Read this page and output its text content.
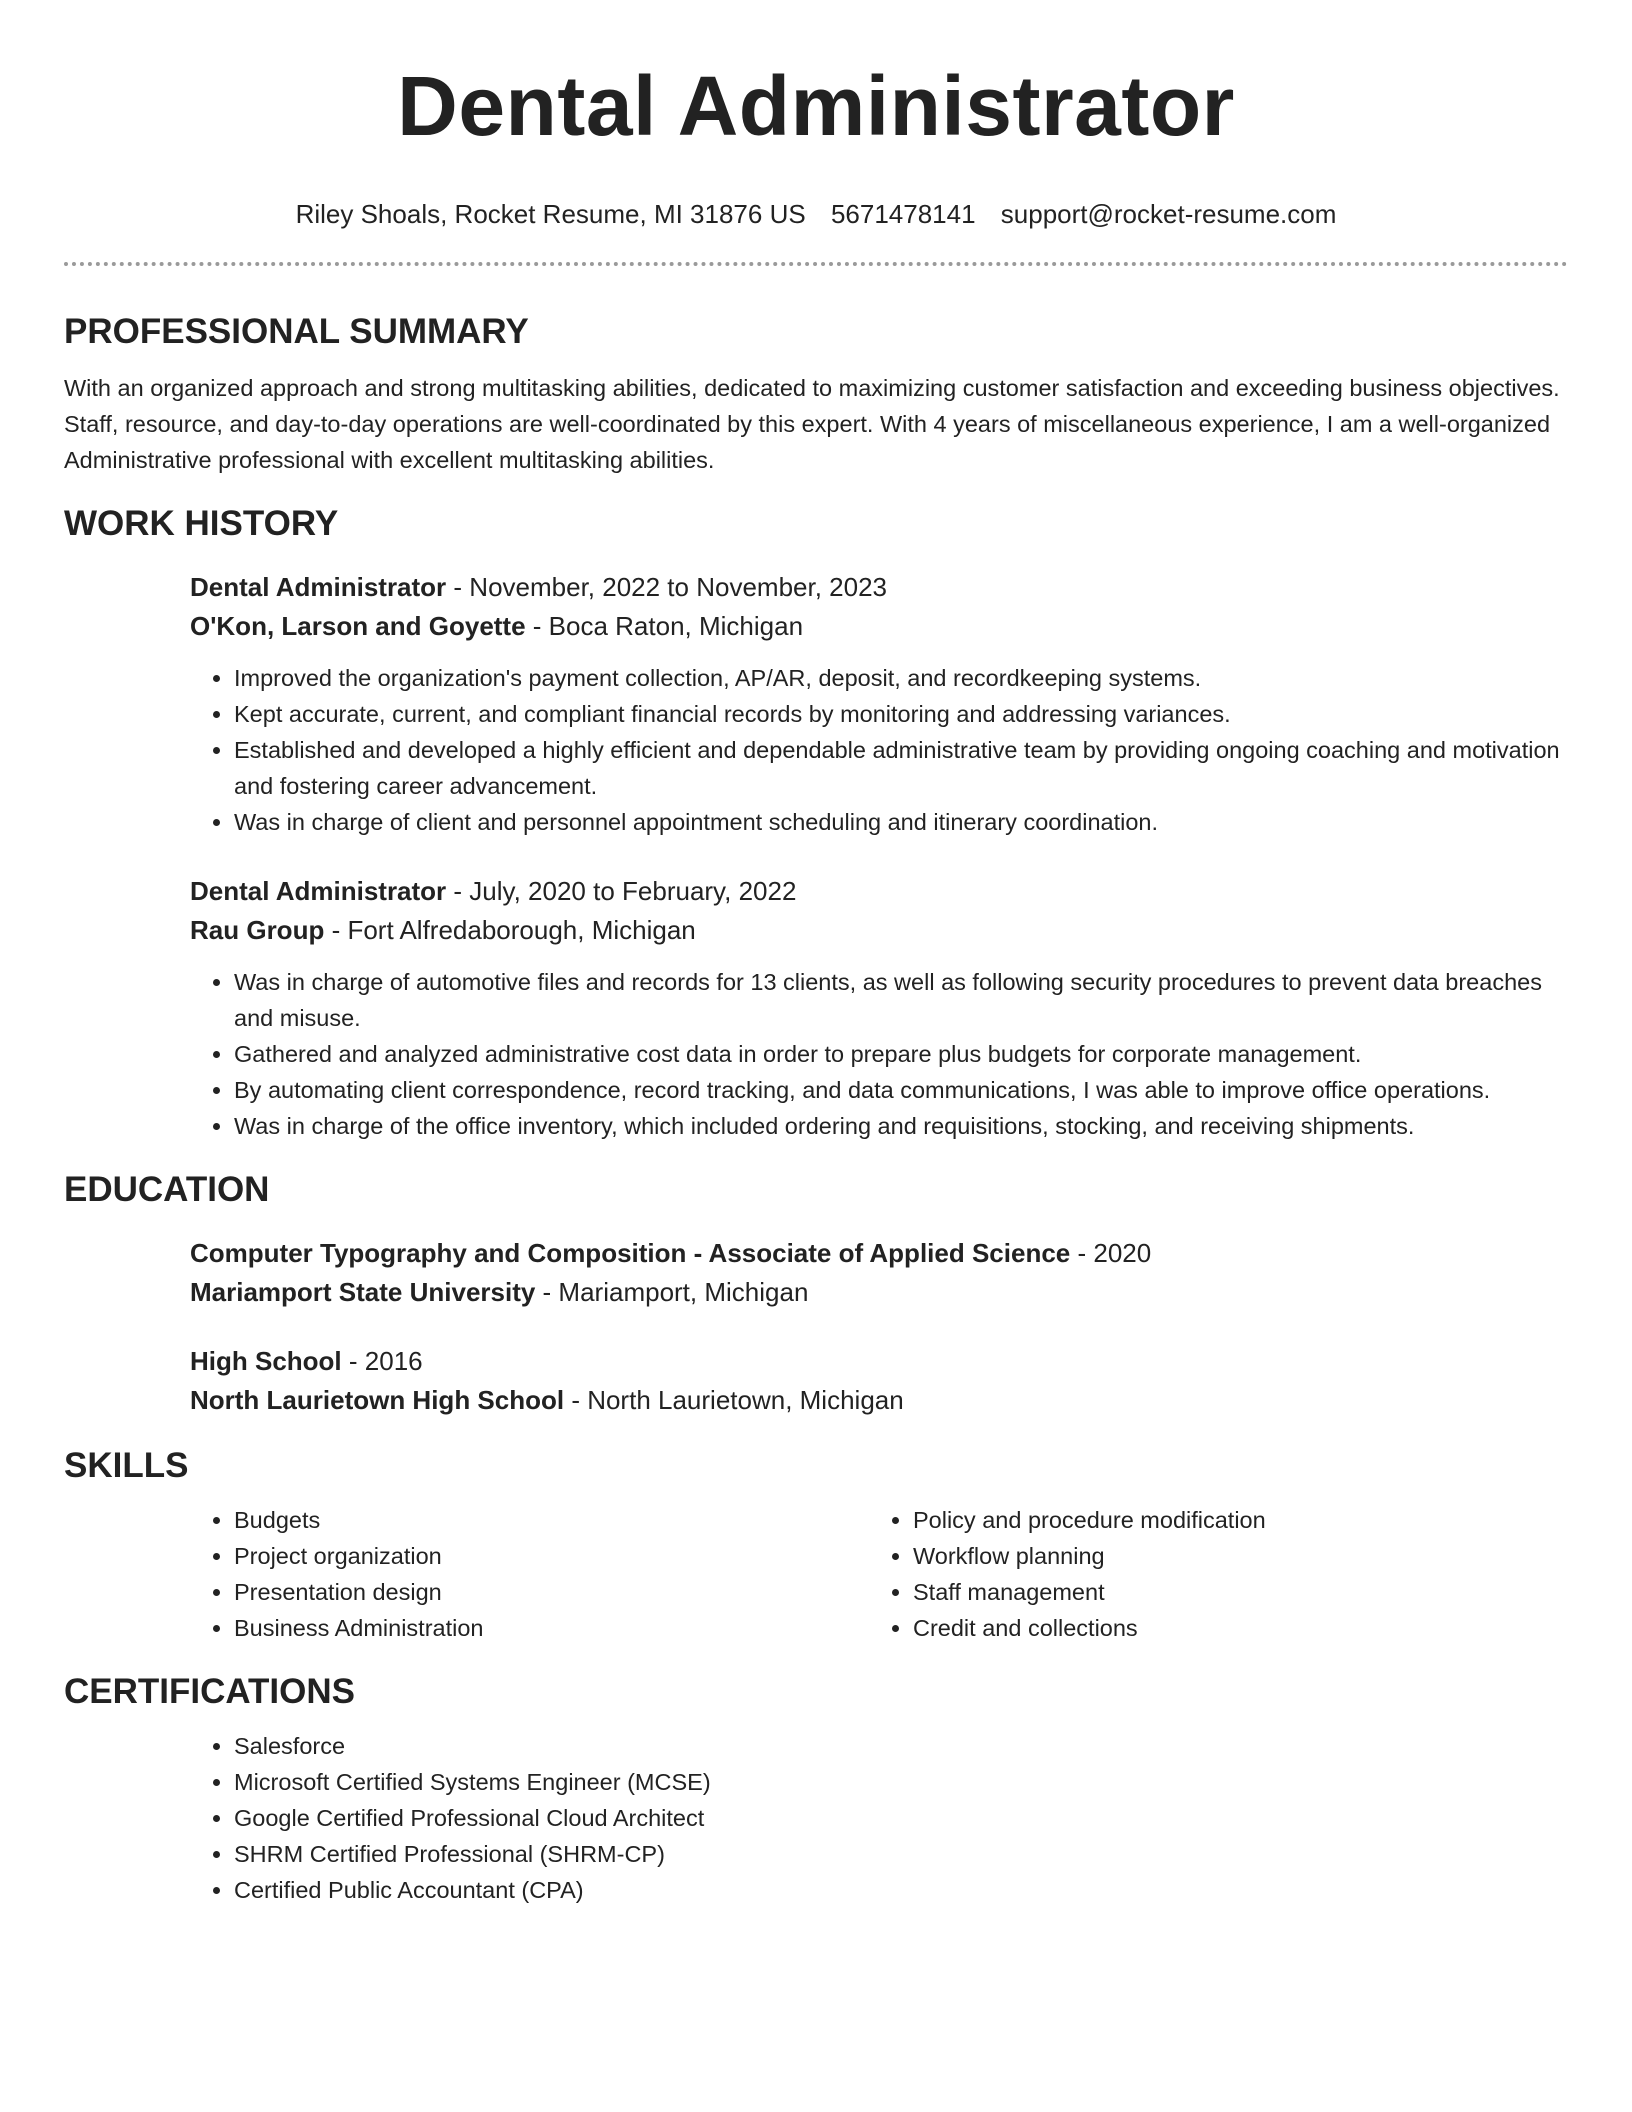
Dental Administrator
Riley Shoals, Rocket Resume, MI 31876 US 5671478141 support@rocket-resume.com
PROFESSIONAL SUMMARY

With an organized approach and strong multitasking abilities, dedicated to maximizing customer satisfaction and exceeding business objectives. Staff, resource, and day-to-day operations are well-coordinated by this expert. With 4 years of miscellaneous experience, I am a well-organized Administrative professional with excellent multitasking abilities.

WORK HISTORY

Dental Administrator - November, 2022 to November, 2023

O'Kon, Larson and Goyette - Boca Raton, Michigan

• Improved the organization's payment collection, AP/AR, deposit, and recordkeeping systems.
• Kept accurate, current, and compliant financial records by monitoring and addressing variances.
• Established and developed a highly efficient and dependable administrative team by providing ongoing coaching and motivation and fostering career advancement.
• Was in charge of client and personnel appointment scheduling and itinerary coordination.

Dental Administrator - July, 2020 to February, 2022

Rau Group - Fort Alfredaborough, Michigan

• Was in charge of automotive files and records for 13 clients, as well as following security procedures to prevent data breaches and misuse.
• Gathered and analyzed administrative cost data in order to prepare plus budgets for corporate management.
• By automating client correspondence, record tracking, and data communications, I was able to improve office operations.
• Was in charge of the office inventory, which included ordering and requisitions, stocking, and receiving shipments.
EDUCATION

Computer Typography and Composition - Associate of Applied Science - 2020

Mariamport State University - Mariamport, Michigan

High School - 2016

North Laurietown High School - North Laurietown, Michigan

SKILLS
• Budgets
• Project organization
• Presentation design
• Business Administration
• Policy and procedure modification
• Workflow planning
• Staff management
• Credit and collections
CERTIFICATIONS
• Salesforce
• Microsoft Certified Systems Engineer (MCSE)
• Google Certified Professional Cloud Architect
• SHRM Certified Professional (SHRM-CP)
• Certified Public Accountant (CPA)
